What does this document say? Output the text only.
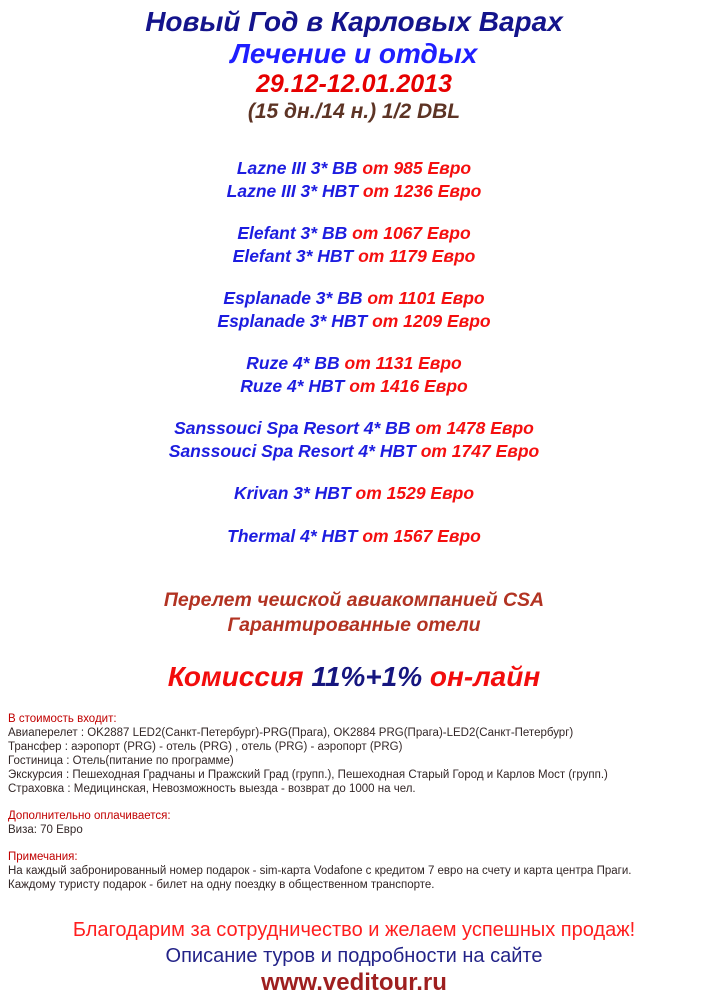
Новый Год в Карловых Варах
Лечение и отдых
29.12-12.01.2013
(15 дн./14 н.) 1/2 DBL
Lazne III 3* BB от 985 Евро
Lazne III 3* HBT от 1236 Евро
Elefant 3* BB от 1067 Евро
Elefant 3* HBT от 1179 Евро
Esplanade 3* BB от 1101 Евро
Esplanade 3* HBT от 1209 Евро
Ruze 4* BB от 1131 Евро
Ruze 4* HBT от 1416 Евро
Sanssouci Spa Resort 4* BB от 1478 Евро
Sanssouci Spa Resort 4* HBT от 1747 Евро
Krivan 3* HBT от 1529 Евро
Thermal 4* HBT от 1567 Евро
Перелет чешской авиакомпанией CSA
Гарантированные отели
Комиссия 11%+1% он-лайн
В стоимость входит:
Авиаперелет : OK2887 LED2(Санкт-Петербург)-PRG(Прага), OK2884 PRG(Прага)-LED2(Санкт-Петербург)
Трансфер : аэропорт (PRG) - отель (PRG) , отель (PRG) - аэропорт (PRG)
Гостиница : Отель(питание по программе)
Экскурсия : Пешеходная Градчаны и Пражский Град (групп.), Пешеходная Старый Город и Карлов Мост (групп.)
Страховка : Медицинская, Невозможность выезда - возврат до 1000 на чел.
Дополнительно оплачивается:
Виза: 70 Евро
Примечания:
На каждый забронированный номер подарок - sim-карта Vodafone с кредитом 7 евро на счету и карта центра Праги.
Каждому туристу подарок - билет на одну поездку в общественном транспорте.
Благодарим за сотрудничество и желаем успешных продаж!
Описание туров и подробности на сайте
www.veditour.ru
